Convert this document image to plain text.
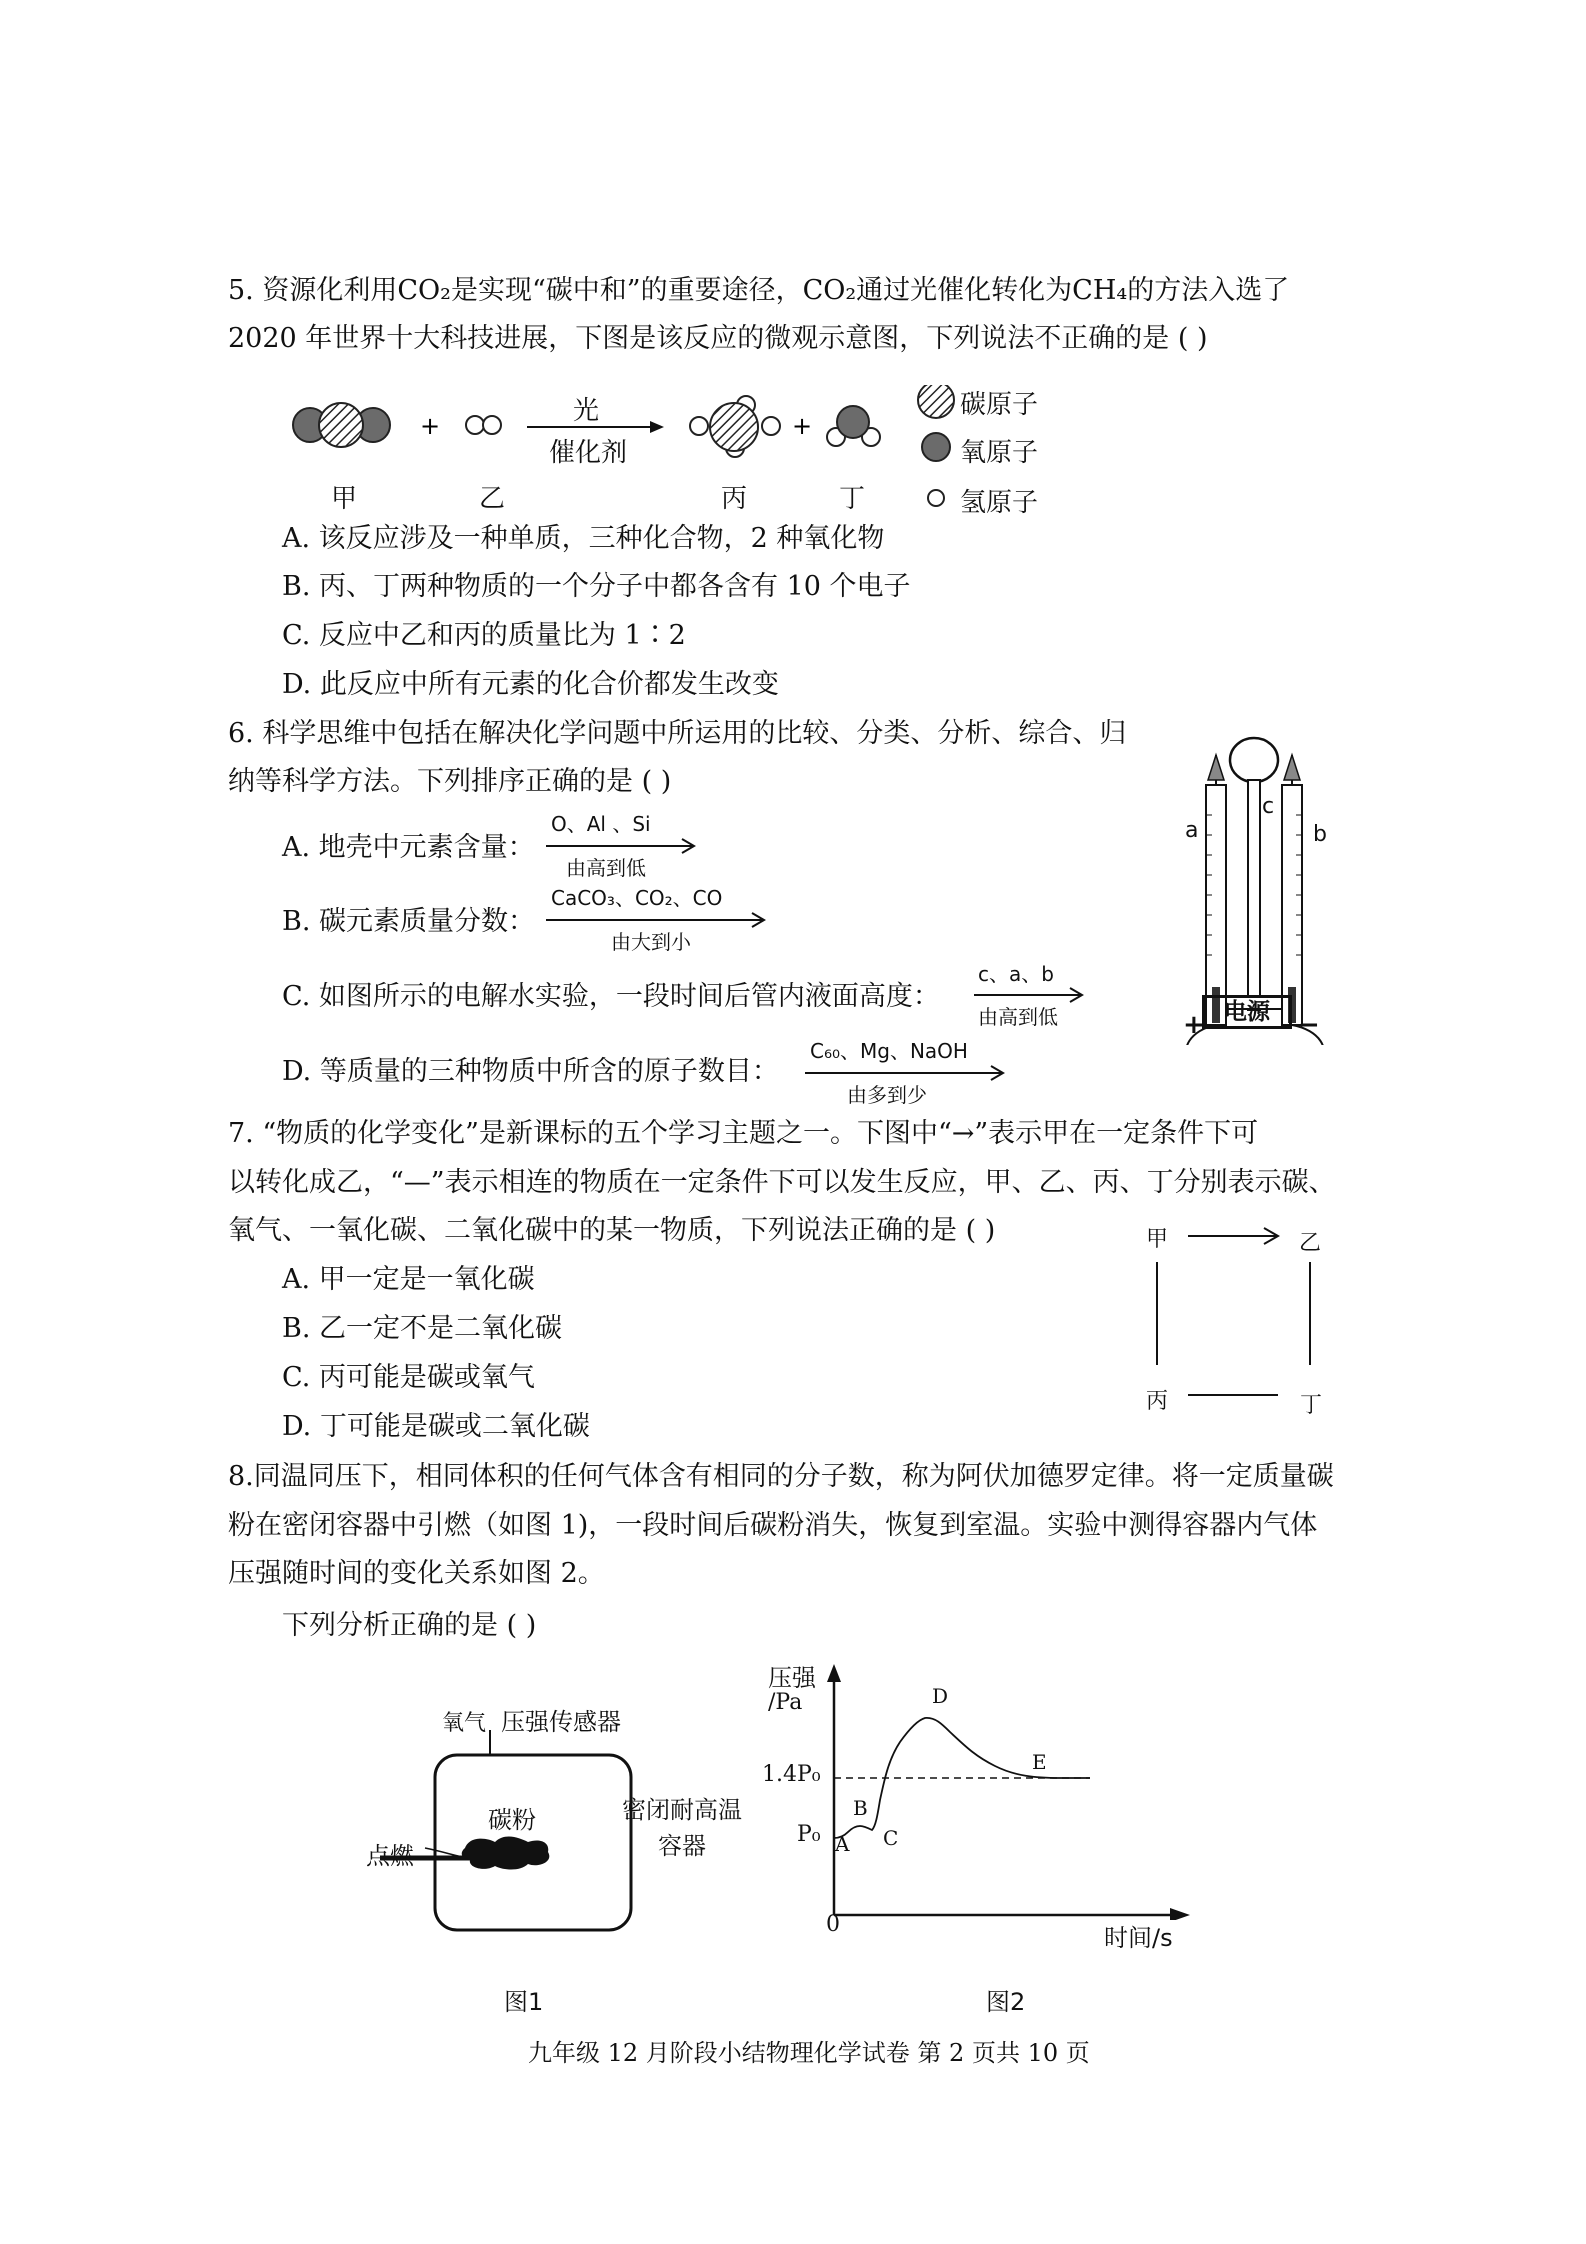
5. 资源化利用CO₂是实现“碳中和”的重要途径，CO₂通过光催化转化为CH₄的方法入选了
2020 年世界十大科技进展，下图是该反应的微观示意图，下列说法不正确的是 ( )
+	+
光
催化剂
甲	乙	丙	丁
碳原子
氧原子
氢原子
A. 该反应涉及一种单质，三种化合物，2 种氧化物
B. 丙、丁两种物质的一个分子中都各含有 10 个电子
C. 反应中乙和丙的质量比为 1∶2
D. 此反应中所有元素的化合价都发生改变
6. 科学思维中包括在解决化学问题中所运用的比较、分类、分析、综合、归
纳等科学方法。下列排序正确的是 ( )
A. 地壳中元素含量：
O、Al 、Si
由高到低
B. 碳元素质量分数：
CaCO₃、CO₂、CO
由大到小
C. 如图所示的电解水实验，一段时间后管内液面高度：
c、a、b
由高到低
D. 等质量的三种物质中所含的原子数目：
C₆₀、Mg、NaOH
由多到少
a
c
b
电源
+	−
7. “物质的化学变化”是新课标的五个学习主题之一。下图中“→”表示甲在一定条件下可
以转化成乙，“—”表示相连的物质在一定条件下可以发生反应，甲、乙、丙、丁分别表示碳、
氧气、一氧化碳、二氧化碳中的某一物质，下列说法正确的是 ( )
A. 甲一定是一氧化碳
B. 乙一定不是二氧化碳
C. 丙可能是碳或氧气
D. 丁可能是碳或二氧化碳
甲	乙
丙	丁
8.同温同压下，相同体积的任何气体含有相同的分子数，称为阿伏加德罗定律。将一定质量碳
粉在密闭容器中引燃（如图 1)，一段时间后碳粉消失，恢复到室温。实验中测得容器内气体
压强随时间的变化关系如图 2。
下列分析正确的是 ( )
氧气 压强传感器
碳粉
点燃
密闭耐高温
容器
图1
压强
/Pa
1.4P₀
P₀ A
B
C
D
E
0	时间/s
图2
九年级 12 月阶段小结物理化学试卷 第 2 页共 10 页
